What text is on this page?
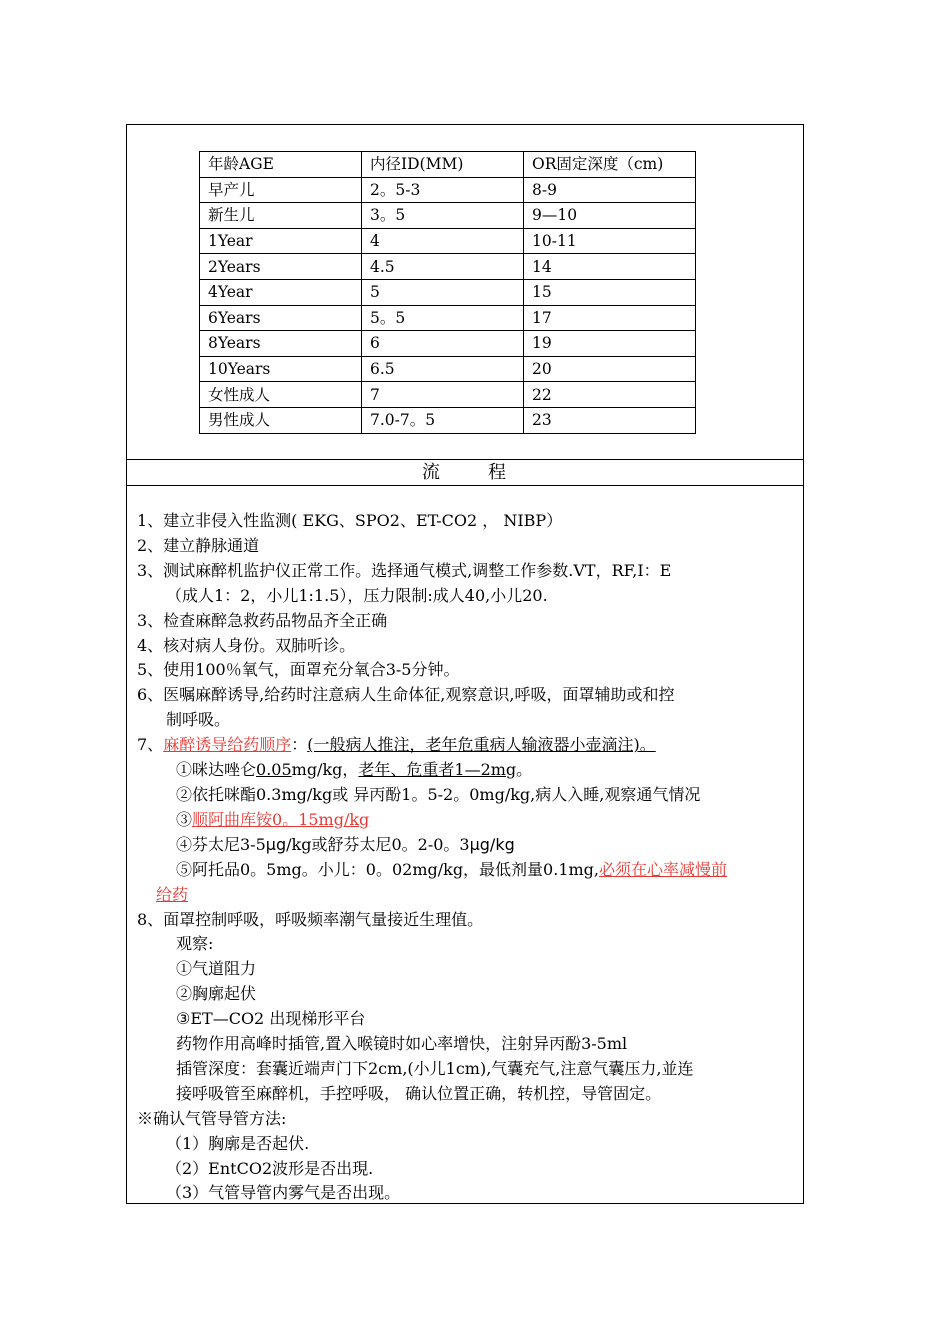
年龄AGE	内径ID(MM)	OR固定深度（cm)
早产儿	2。5-3	8-9
新生儿	3。5	9—10
1Year	4	10-11
2Years	4.5	14
4Year	5	15
6Years	5。5	17
8Years	6	19
10Years	6.5	20
女性成人	7	22
男性成人	7.0-7。5	23
流	程
1、建立非侵入性监测( EKG、SPO2、ET-CO2 ， NIBP）
2、建立静脉通道
3、测试麻醉机监护仪正常工作。选择通气模式,调整工作参数.VT，RF,I：E
（成人1：2，小儿1:1.5），压力限制:成人40,小儿20.
3、检查麻醉急救药品物品齐全正确
4、核对病人身份。双肺听诊。
5、使用100％氧气，面罩充分氧合3-5分钟。
6、医嘱麻醉诱导,给药时注意病人生命体征,观察意识,呼吸，面罩辅助或和控
制呼吸。
7、麻醉诱导给药顺序：(一般病人推注，老年危重病人输液器小壶滴注)。
①咪达唑仑0.05mg/kg，老年、危重者1—2mg。
②依托咪酯0.3mg/kg或 异丙酚1。5-2。0mg/kg,病人入睡,观察通气情况
③顺阿曲库铵0。15mg/kg
④芬太尼3-5μg/kg或舒芬太尼0。2-0。3μg/kg
⑤阿托品0。5mg。小儿：0。02mg/kg，最低剂量0.1mg,必须在心率减慢前
给药
8、面罩控制呼吸，呼吸频率潮气量接近生理值。
观察:
①气道阻力
②胸廓起伏
③ET—CO2 出现梯形平台
药物作用高峰时插管,置入喉镜时如心率增快，注射异丙酚3-5ml
插管深度：套囊近端声门下2cm,(小儿1cm),气囊充气,注意气囊压力,並连
接呼吸管至麻醉机，手控呼吸， 确认位置正确，转机控，导管固定。
※确认气管导管方法:
（1）胸廓是否起伏.
（2）EntCO2波形是否出現.
（3）气管导管内雾气是否出现。
